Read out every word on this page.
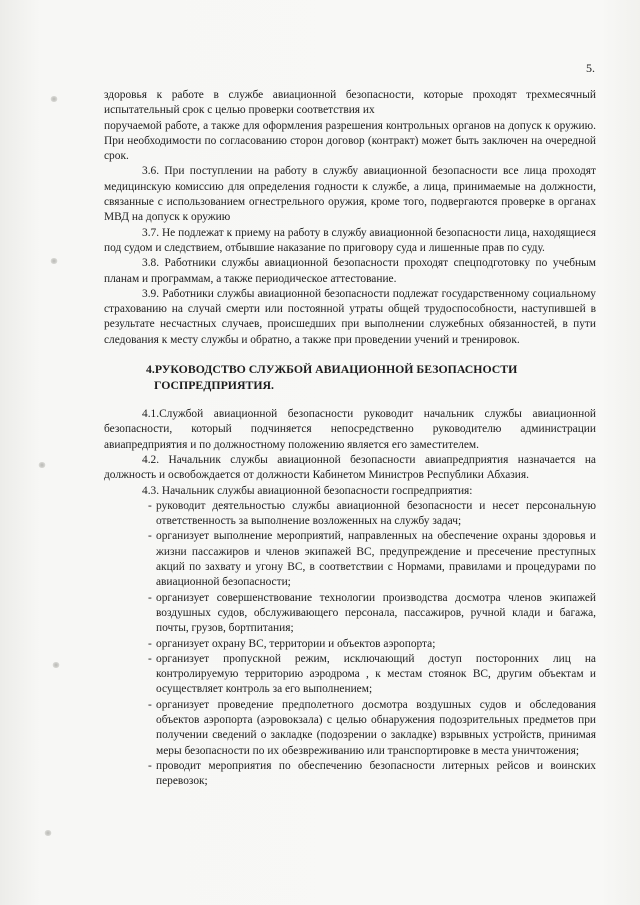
5.

здоровья к работе в службе авиационной безопасности, которые проходят трехмесячный испытательный срок с целью проверки соответствия их

поручаемой работе, а также для оформления разрешения контрольных органов на допуск к оружию. При необходимости по согласованию сторон договор (контракт) может быть заключен на очередной срок.

3.6. При поступлении на работу в службу авиационной безопасности все лица проходят медицинскую комиссию для определения годности к службе, а лица, принимаемые на должности, связанные с использованием огнестрельного оружия, кроме того, подвергаются проверке в органах МВД на допуск к оружию

3.7. Не подлежат к приему на работу в службу авиационной безопасности лица, находящиеся под судом и следствием, отбывшие наказание по приговору суда и лишенные прав по суду.

3.8. Работники службы авиационной безопасности проходят спецподготовку по учебным планам и программам, а также периодическое аттестование.

3.9. Работники службы авиационной безопасности подлежат государственному социальному страхованию на случай смерти или постоянной утраты общей трудоспособности, наступившей в результате несчастных случаев, происшедших при выполнении служебных обязанностей, в пути следования к месту службы и обратно, а также при проведении учений и тренировок.

4.РУКОВОДСТВО СЛУЖБОЙ АВИАЦИОННОЙ БЕЗОПАСНОСТИ
ГОСПРЕДПРИЯТИЯ.

4.1.Службой авиационной безопасности руководит начальник службы авиационной безопасности, который подчиняется непосредственно руководителю администрации авиапредприятия и по должностному положению является его заместителем.

4.2. Начальник службы авиационной безопасности авиапредприятия назначается на должность и освобождается от должности Кабинетом Министров Республики Абхазия.

4.3. Начальник службы авиационной безопасности госпредприятия:

- руководит деятельностью службы авиационной безопасности и несет персональную ответственность за выполнение возложенных на службу задач;
- организует выполнение мероприятий, направленных на обеспечение охраны здоровья и жизни пассажиров и членов экипажей ВС, предупреждение и пресечение преступных акций по захвату и угону ВС, в соответствии с Нормами, правилами и процедурами по авиационной безопасности;
- организует совершенствование технологии производства досмотра членов экипажей воздушных судов, обслуживающего персонала, пассажиров, ручной клади и багажа, почты, грузов, бортпитания;
- организует охрану ВС, территории и объектов аэропорта;
- организует пропускной режим, исключающий доступ посторонних лиц на контролируемую территорию аэродрома , к местам стоянок ВС, другим объектам и осуществляет контроль за его выполнением;
- организует проведение предполетного досмотра воздушных судов и обследования объектов аэропорта (аэровокзала) с целью обнаружения подозрительных предметов при получении сведений о закладке (подозрении о закладке) взрывных устройств, принимая меры безопасности по их обезвреживанию или транспортировке в места уничтожения;
- проводит мероприятия по обеспечению безопасности литерных рейсов и воинских перевозок;
